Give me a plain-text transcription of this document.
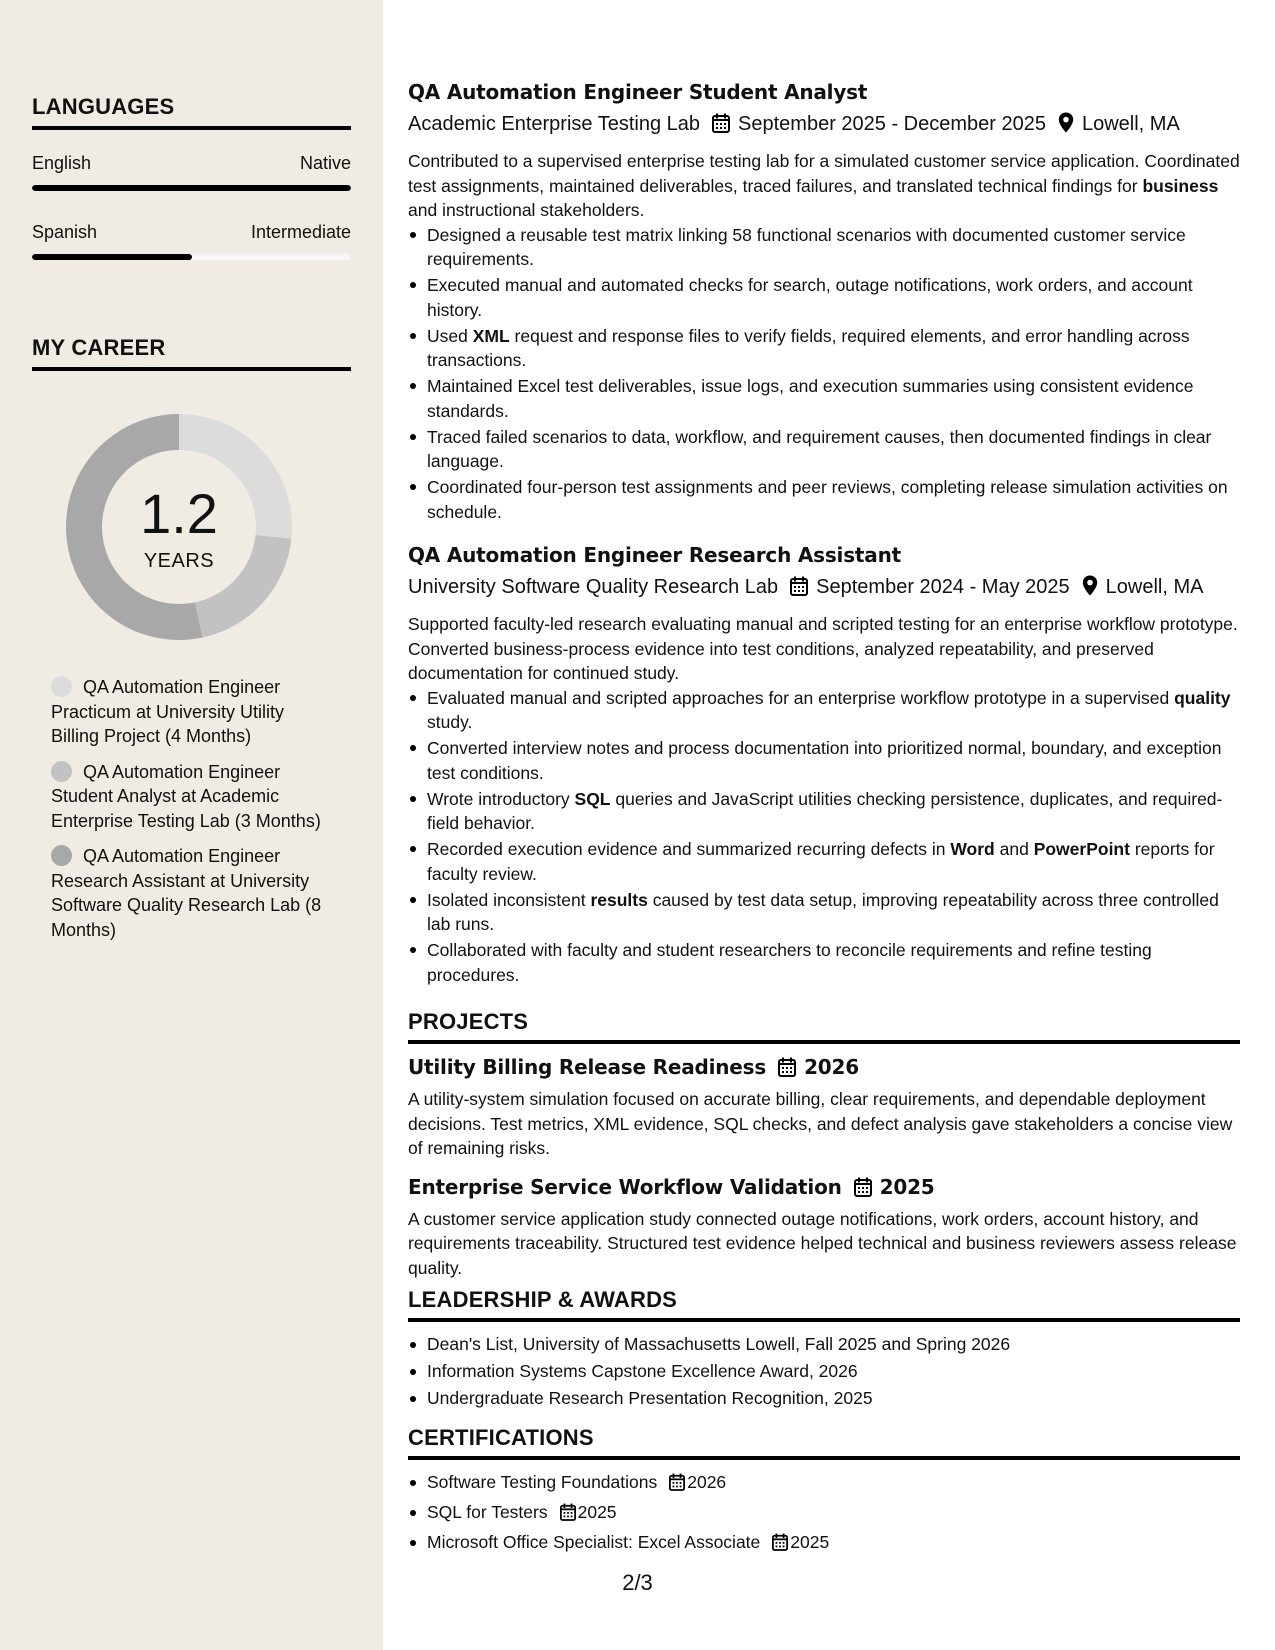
LANGUAGES
English	Native
Spanish	Intermediate
MY CAREER
1.2
YEARS
QA Automation Engineer Practicum at University Utility Billing Project (4 Months)
QA Automation Engineer Student Analyst at Academic Enterprise Testing Lab (3 Months)
QA Automation Engineer Research Assistant at University Software Quality Research Lab (8 Months)
QA Automation Engineer Student Analyst
Academic Enterprise Testing Lab September 2025 - December 2025 Lowell, MA
Contributed to a supervised enterprise testing lab for a simulated customer service application. Coordinated test assignments, maintained deliverables, traced failures, and translated technical findings for business and instructional stakeholders.
Designed a reusable test matrix linking 58 functional scenarios with documented customer service requirements.
Executed manual and automated checks for search, outage notifications, work orders, and account history.
Used XML request and response files to verify fields, required elements, and error handling across transactions.
Maintained Excel test deliverables, issue logs, and execution summaries using consistent evidence standards.
Traced failed scenarios to data, workflow, and requirement causes, then documented findings in clear language.
Coordinated four-person test assignments and peer reviews, completing release simulation activities on schedule.
QA Automation Engineer Research Assistant
University Software Quality Research Lab September 2024 - May 2025 Lowell, MA
Supported faculty-led research evaluating manual and scripted testing for an enterprise workflow prototype. Converted business-process evidence into test conditions, analyzed repeatability, and preserved documentation for continued study.
Evaluated manual and scripted approaches for an enterprise workflow prototype in a supervised quality study.
Converted interview notes and process documentation into prioritized normal, boundary, and exception test conditions.
Wrote introductory SQL queries and JavaScript utilities checking persistence, duplicates, and required-field behavior.
Recorded execution evidence and summarized recurring defects in Word and PowerPoint reports for faculty review.
Isolated inconsistent results caused by test data setup, improving repeatability across three controlled lab runs.
Collaborated with faculty and student researchers to reconcile requirements and refine testing procedures.
PROJECTS
Utility Billing Release Readiness 2026
A utility-system simulation focused on accurate billing, clear requirements, and dependable deployment decisions. Test metrics, XML evidence, SQL checks, and defect analysis gave stakeholders a concise view of remaining risks.
Enterprise Service Workflow Validation 2025
A customer service application study connected outage notifications, work orders, account history, and requirements traceability. Structured test evidence helped technical and business reviewers assess release quality.
LEADERSHIP & AWARDS
Dean's List, University of Massachusetts Lowell, Fall 2025 and Spring 2026
Information Systems Capstone Excellence Award, 2026
Undergraduate Research Presentation Recognition, 2025
CERTIFICATIONS
Software Testing Foundations 2026
SQL for Testers 2025
Microsoft Office Specialist: Excel Associate 2025
2/3
